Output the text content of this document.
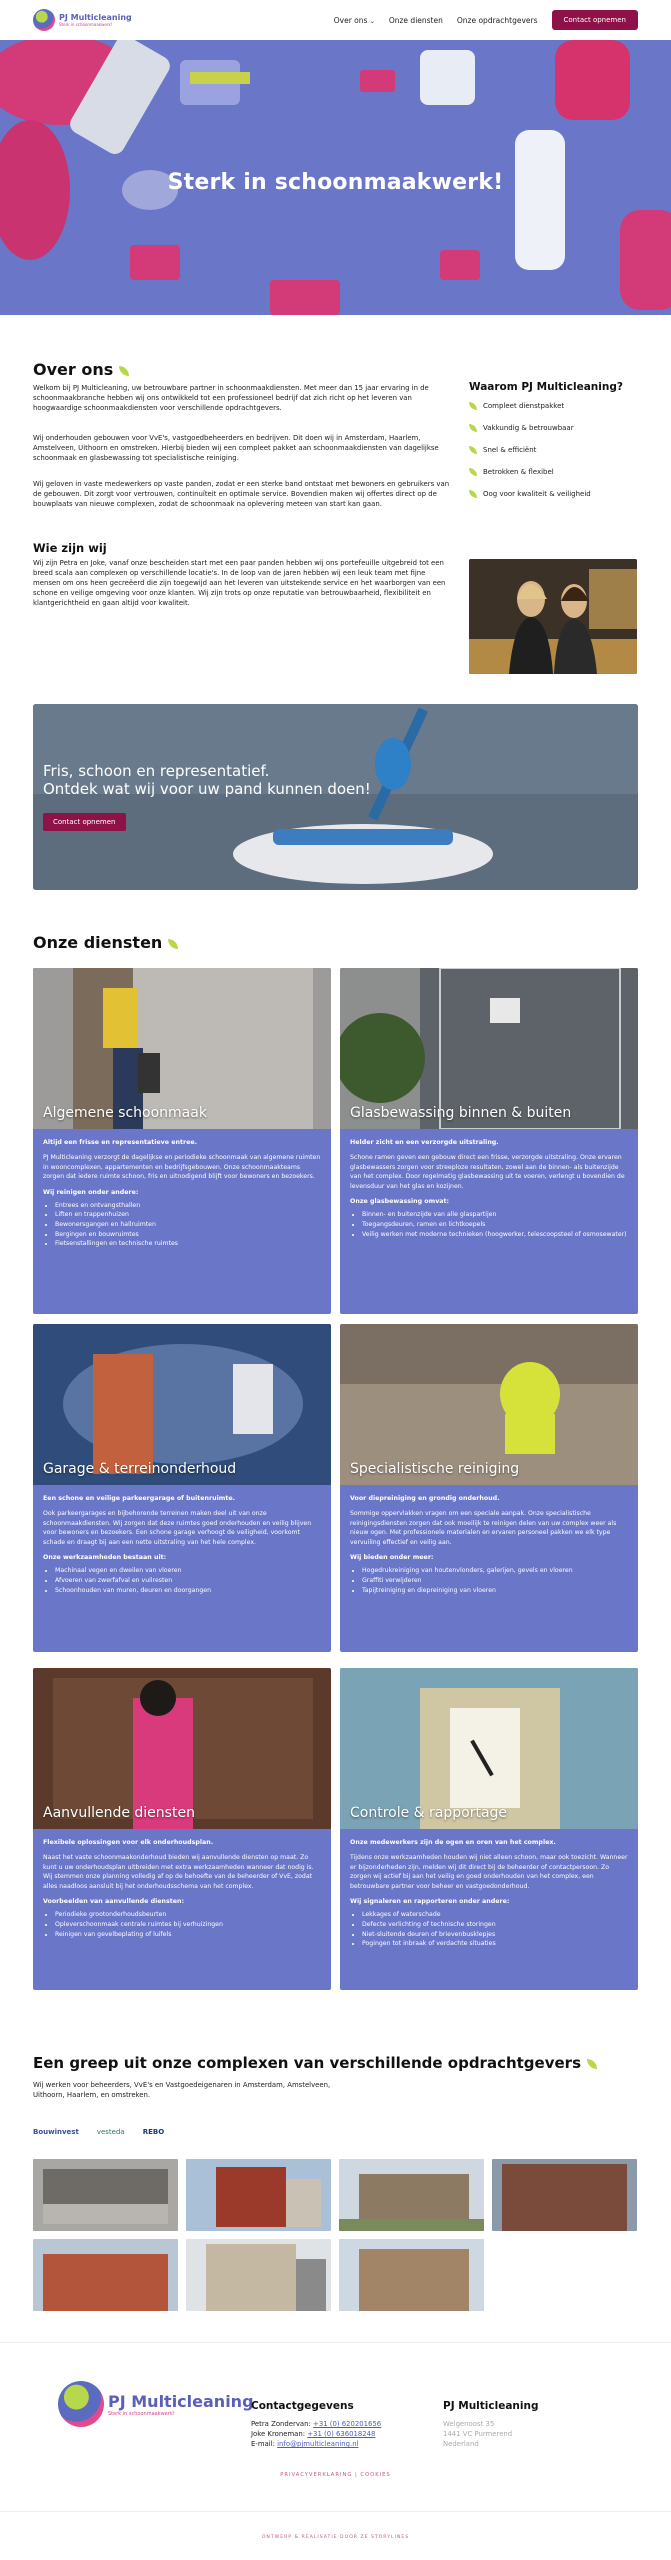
PJ Multicleaning
Sterk in schoonmaakwerk!	Over ons ⌄ Onze diensten Onze opdrachtgevers	Contact opnemen
Sterk in schoonmaakwerk!
Over ons

Welkom bij PJ Multicleaning, uw betrouwbare partner in schoonmaakdiensten. Met meer dan 15 jaar ervaring in de schoonmaakbranche hebben wij ons ontwikkeld tot een professioneel bedrijf dat zich richt op het leveren van hoogwaardige schoonmaakdiensten voor verschillende opdrachtgevers.

Wij onderhouden gebouwen voor VvE's, vastgoedbeheerders en bedrijven. Dit doen wij in Amsterdam, Haarlem, Amstelveen, Uithoorn en omstreken. Hierbij bieden wij een compleet pakket aan schoonmaakdiensten van dagelijkse schoonmaak en glasbewassing tot specialistische reiniging.

Wij geloven in vaste medewerkers op vaste panden, zodat er een sterke band ontstaat met bewoners en gebruikers van de gebouwen. Dit zorgt voor vertrouwen, continuïteit en optimale service. Bovendien maken wij offertes direct op de bouwplaats van nieuwe complexen, zodat de schoonmaak na oplevering meteen van start kan gaan.

Wie zijn wij

Wij zijn Petra en Joke, vanaf onze bescheiden start met een paar panden hebben wij ons portefeuille uitgebreid tot een breed scala aan complexen op verschillende locatie's. In de loop van de jaren hebben wij een leuk team met fijne mensen om ons heen gecreëerd die zijn toegewijd aan het leveren van uitstekende service en het waarborgen van een schone en veilige omgeving voor onze klanten. Wij zijn trots op onze reputatie van betrouwbaarheid, flexibiliteit en klantgerichtheid en gaan altijd voor kwaliteit.

Waarom PJ Multicleaning?
Compleet dienstpakket
Vakkundig & betrouwbaar
Snel & efficiënt
Betrokken & flexibel
Oog voor kwaliteit & veiligheid
Fris, schoon en representatief.
Ontdek wat wij voor uw pand kunnen doen!
Contact opnemen
Onze diensten
Algemene schoonmaak

Altijd een frisse en representatieve entree.

PJ Multicleaning verzorgt de dagelijkse en periodieke schoonmaak van algemene ruimten in wooncomplexen, appartementen en bedrijfsgebouwen. Onze schoonmaakteams zorgen dat iedere ruimte schoon, fris en uitnodigend blijft voor bewoners en bezoekers.

Wij reinigen onder andere:

• Entrees en ontvangsthallen
• Liften en trappenhuizen
• Bewonersgangen en hallruimten
• Bergingen en bouwruimtes
• Fietsenstallingen en technische ruimtes
Glasbewassing binnen & buiten

Helder zicht en een verzorgde uitstraling.

Schone ramen geven een gebouw direct een frisse, verzorgde uitstraling. Onze ervaren glasbewassers zorgen voor streeploze resultaten, zowel aan de binnen- als buitenzijde van het complex. Door regelmatig glasbewassing uit te voeren, verlengt u bovendien de levensduur van het glas en kozijnen.

Onze glasbewassing omvat:

• Binnen- en buitenzijde van alle glaspartijen
• Toegangsdeuren, ramen en lichtkoepels
• Veilig werken met moderne technieken (hoogwerker, telescoopsteel of osmosewater)
Garage & terreinonderhoud

Een schone en veilige parkeergarage of buitenruimte.

Ook parkeergarages en bijbehorende terreinen maken deel uit van onze schoonmaakdiensten. Wij zorgen dat deze ruimtes goed onderhouden en veilig blijven voor bewoners en bezoekers. Een schone garage verhoogt de veiligheid, voorkomt schade en draagt bij aan een nette uitstraling van het hele complex.

Onze werkzaamheden bestaan uit:

• Machinaal vegen en dweilen van vloeren
• Afvoeren van zwerfafval en vuilresten
• Schoonhouden van muren, deuren en doorgangen
Specialistische reiniging

Voor diepreiniging en grondig onderhoud.

Sommige oppervlakken vragen om een speciale aanpak. Onze specialistische reinigingsdiensten zorgen dat ook moeilijk te reinigen delen van uw complex weer als nieuw ogen. Met professionele materialen en ervaren personeel pakken we elk type vervuiling effectief en veilig aan.

Wij bieden onder meer:

• Hogedrukreiniging van houtenvlonders, galerijen, gevels en vloeren
• Graffiti verwijderen
• Tapijtreiniging en diepreiniging van vloeren
Aanvullende diensten

Flexibele oplossingen voor elk onderhoudsplan.

Naast het vaste schoonmaakonderhoud bieden wij aanvullende diensten op maat. Zo kunt u uw onderhoudsplan uitbreiden met extra werkzaamheden wanneer dat nodig is. Wij stemmen onze planning volledig af op de behoefte van de beheerder of VvE, zodat alles naadloos aansluit bij het onderhoudsschema van het complex.

Voorbeelden van aanvullende diensten:

• Periodieke grootonderhoudsbeurten
• Opleverschoonmaak centrale ruimtes bij verhuizingen
• Reinigen van gevelbeplating of luifels
Controle & rapportage

Onze medewerkers zijn de ogen en oren van het complex.

Tijdens onze werkzaamheden houden wij niet alleen schoon, maar ook toezicht. Wanneer er bijzonderheden zijn, melden wij dit direct bij de beheerder of contactpersoon. Zo zorgen wij actief bij aan het veilig en goed onderhouden van het complex, een betrouwbare partner voor beheer en vastgoedonderhoud.

Wij signaleren en rapporteren onder andere:

• Lekkages of waterschade
• Defecte verlichting of technische storingen
• Niet-sluitende deuren of brievenbusklepjes
• Pogingen tot inbraak of verdachte situaties
Een greep uit onze complexen van verschillende opdrachtgevers

Wij werken voor beheerders, VvE's en Vastgoedeigenaren in Amsterdam, Amstelveen, Uithoorn, Haarlem, en omstreken.

Bouwinvest	vesteda	REBO
PJ Multicleaning
Sterk in schoonmaakwerk!
Contactgegevens
Petra Zondervan: +31 (0) 620201656
Joke Kroneman: +31 (0) 636018248
E-mail: info@pjmulticleaning.nl
PJ Multicleaning
Welgenoost 35
1441 VC Purmerend
Nederland
PRIVACYVERKLARING | COOKIES
ONTWERP & REALISATIE DOOR ZE STORYLINES
